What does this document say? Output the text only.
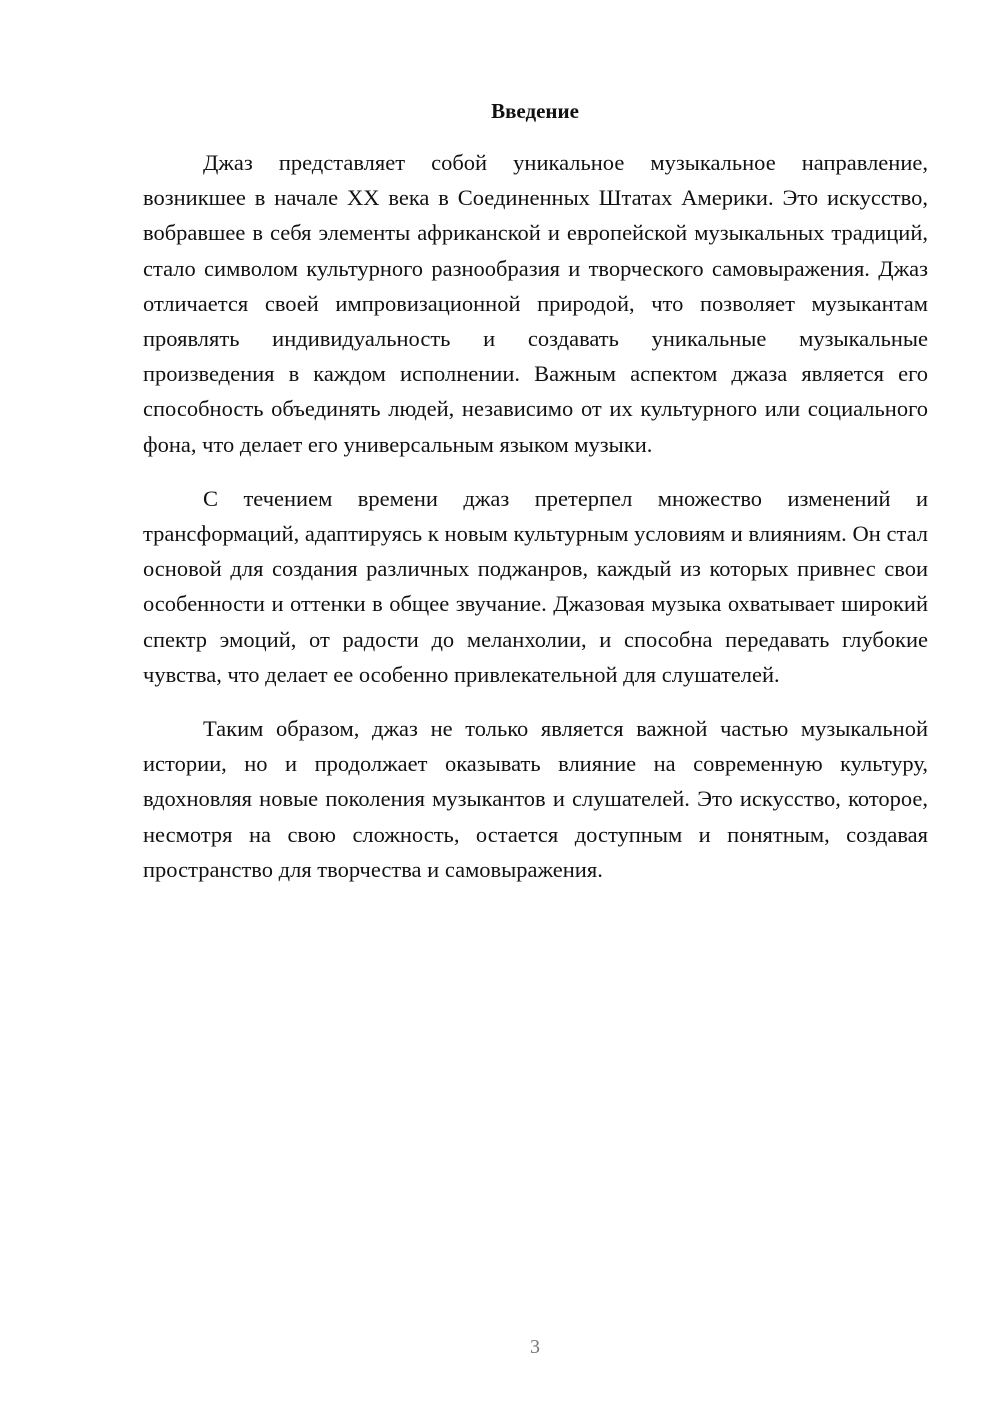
Введение

Джаз представляет собой уникальное музыкальное направление, возникшее в начале XX века в Соединенных Штатах Америки. Это искусство, вобравшее в себя элементы африканской и европейской музыкальных традиций, стало символом культурного разнообразия и творческого самовыражения. Джаз отличается своей импровизационной природой, что позволяет музыкантам проявлять индивидуальность и создавать уникальные музыкальные произведения в каждом исполнении. Важным аспектом джаза является его способность объединять людей, независимо от их культурного или социального фона, что делает его универсальным языком музыки.

С течением времени джаз претерпел множество изменений и трансформаций, адаптируясь к новым культурным условиям и влияниям. Он стал основой для создания различных поджанров, каждый из которых привнес свои особенности и оттенки в общее звучание. Джазовая музыка охватывает широкий спектр эмоций, от радости до меланхолии, и способна передавать глубокие чувства, что делает ее особенно привлекательной для слушателей.

Таким образом, джаз не только является важной частью музыкальной истории, но и продолжает оказывать влияние на современную культуру, вдохновляя новые поколения музыкантов и слушателей. Это искусство, которое, несмотря на свою сложность, остается доступным и понятным, создавая пространство для творчества и самовыражения.

3
